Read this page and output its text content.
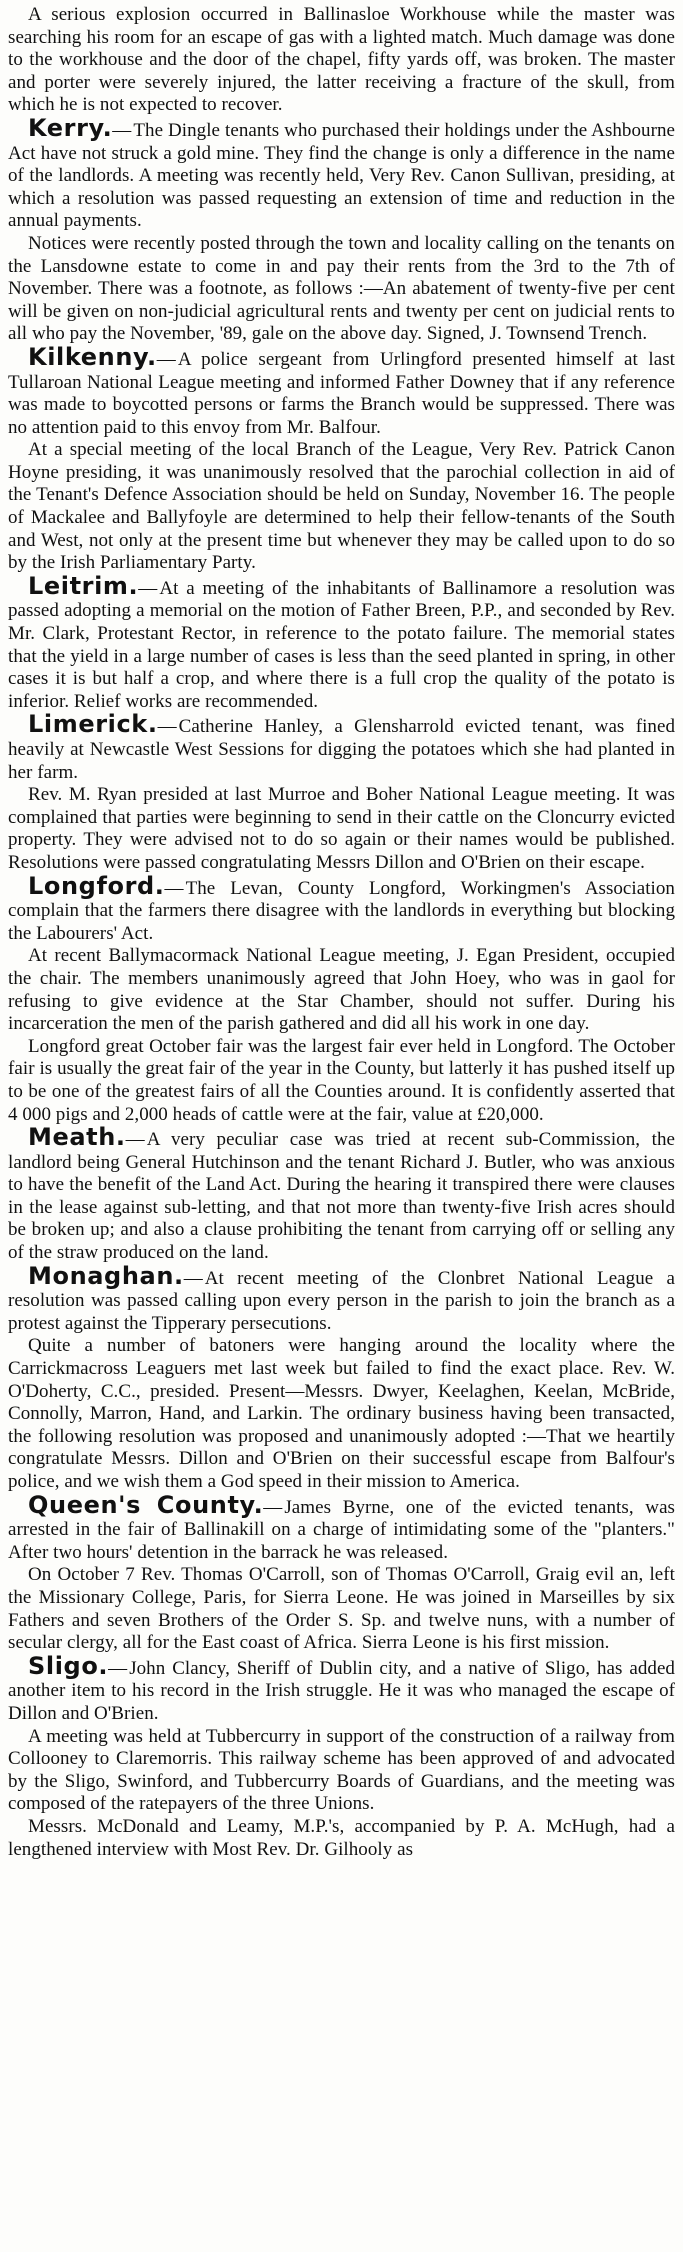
A serious explosion occurred in Ballinasloe Workhouse while the master was searching his room for an escape of gas with a lighted match. Much damage was done to the workhouse and the door of the chapel, fifty yards off, was broken. The master and porter were severely injured, the latter receiving a fracture of the skull, from which he is not expected to recover.

Kerry.— The Dingle tenants who purchased their holdings under the Ashbourne Act have not struck a gold mine. They find the change is only a difference in the name of the landlords. A meeting was recently held, Very Rev. Canon Sullivan, presiding, at which a resolution was passed requesting an extension of time and reduction in the annual payments.

Notices were recently posted through the town and locality calling on the tenants on the Lansdowne estate to come in and pay their rents from the 3rd to the 7th of November. There was a footnote, as follows :—An abatement of twenty-five per cent will be given on non-judicial agricultural rents and twenty per cent on judicial rents to all who pay the November, '89, gale on the above day. Signed, J. Townsend Trench.

Kilkenny.— A police sergeant from Urlingford presented himself at last Tullaroan National League meeting and informed Father Downey that if any reference was made to boycotted persons or farms the Branch would be suppressed. There was no attention paid to this envoy from Mr. Balfour.

At a special meeting of the local Branch of the League, Very Rev. Patrick Canon Hoyne presiding, it was unanimously resolved that the parochial collection in aid of the Tenant's Defence Association should be held on Sunday, November 16. The people of Mackalee and Ballyfoyle are determined to help their fellow-tenants of the South and West, not only at the present time but whenever they may be called upon to do so by the Irish Parliamentary Party.

Leitrim.— At a meeting of the inhabitants of Ballinamore a resolution was passed adopting a memorial on the motion of Father Breen, P.P., and seconded by Rev. Mr. Clark, Protestant Rector, in reference to the potato failure. The memorial states that the yield in a large number of cases is less than the seed planted in spring, in other cases it is but half a crop, and where there is a full crop the quality of the potato is inferior. Relief works are recommended.

Limerick.— Catherine Hanley, a Glensharrold evicted tenant, was fined heavily at Newcastle West Sessions for digging the potatoes which she had planted in her farm.

Rev. M. Ryan presided at last Murroe and Boher National League meeting. It was complained that parties were beginning to send in their cattle on the Cloncurry evicted property. They were advised not to do so again or their names would be published. Resolutions were passed congratulating Messrs Dillon and O'Brien on their escape.

Longford.— The Levan, County Longford, Workingmen's Association complain that the farmers there disagree with the landlords in everything but blocking the Labourers' Act.

At recent Ballymacormack National League meeting, J. Egan President, occupied the chair. The members unanimously agreed that John Hoey, who was in gaol for refusing to give evidence at the Star Chamber, should not suffer. During his incarceration the men of the parish gathered and did all his work in one day.

Longford great October fair was the largest fair ever held in Longford. The October fair is usually the great fair of the year in the County, but latterly it has pushed itself up to be one of the greatest fairs of all the Counties around. It is confidently asserted that 4 000 pigs and 2,000 heads of cattle were at the fair, value at £20,000.

Meath.— A very peculiar case was tried at recent sub-Commission, the landlord being General Hutchinson and the tenant Richard J. Butler, who was anxious to have the benefit of the Land Act. During the hearing it transpired there were clauses in the lease against sub-letting, and that not more than twenty-five Irish acres should be broken up; and also a clause prohibiting the tenant from carrying off or selling any of the straw produced on the land.

Monaghan.— At recent meeting of the Clonbret National League a resolution was passed calling upon every person in the parish to join the branch as a protest against the Tipperary persecutions.

Quite a number of batoners were hanging around the locality where the Carrickmacross Leaguers met last week but failed to find the exact place. Rev. W. O'Doherty, C.C., presided. Present—Messrs. Dwyer, Keelaghen, Keelan, McBride, Connolly, Marron, Hand, and Larkin. The ordinary business having been transacted, the following resolution was proposed and unanimously adopted :—That we heartily congratulate Messrs. Dillon and O'Brien on their successful escape from Balfour's police, and we wish them a God speed in their mission to America.

Queen's County.— James Byrne, one of the evicted tenants, was arrested in the fair of Ballinakill on a charge of intimidating some of the "planters." After two hours' detention in the barrack he was released.

On October 7 Rev. Thomas O'Carroll, son of Thomas O'Carroll, Graig evil an, left the Missionary College, Paris, for Sierra Leone. He was joined in Marseilles by six Fathers and seven Brothers of the Order S. Sp. and twelve nuns, with a number of secular clergy, all for the East coast of Africa. Sierra Leone is his first mission.

Sligo.— John Clancy, Sheriff of Dublin city, and a native of Sligo, has added another item to his record in the Irish struggle. He it was who managed the escape of Dillon and O'Brien.

A meeting was held at Tubbercurry in support of the construction of a railway from Collooney to Claremorris. This railway scheme has been approved of and advocated by the Sligo, Swinford, and Tubbercurry Boards of Guardians, and the meeting was composed of the ratepayers of the three Unions.

Messrs. McDonald and Leamy, M.P.'s, accompanied by P. A. McHugh, had a lengthened interview with Most Rev. Dr. Gilhooly as
